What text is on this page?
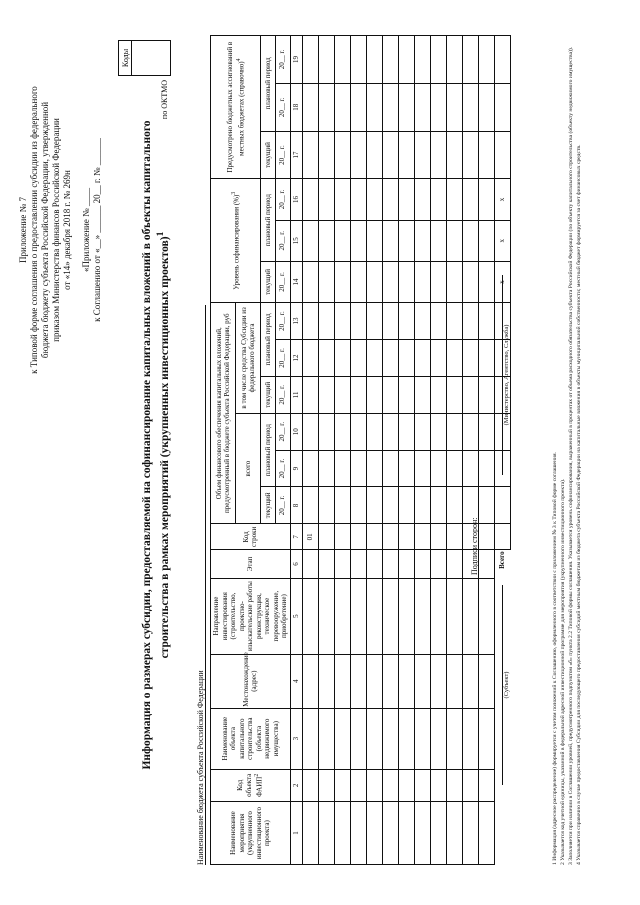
Приложение № 7 к Типовой форме соглашения о предоставлении субсидии из федерального бюджета бюджету субъекта Российской Федерации, утвержденной приказом Министерства финансов Российской Федерации от «14» декабря 2018 г. № 269н «Приложение № ____ к Соглашению от «__» ______ 20__ г. № ______
Коды

Информация о размерах субсидии, предоставляемой на софинансирование капитальных вложений в объекты капитального строительства в рамках мероприятий (укрупненных инвестиционных проектов)$^1$
по ОКТМО
Наименование бюджета субъекта Российской Федерации	Наименование мероприятия (укрупненного инвестиционного проекта)	Код объекта ФАИП$^2$	Наименование объекта капитального строительства (объекта недвижимого имущества)	Местонахождение (адрес)	Направление инвестирования (строительство, проектно-изыскательские работы реконструкция, техническое перевооружение, приобретение)	Этап	Код строки	Объем финансового обеспечения капитальных вложений, предусмотренный в бюджете субъекта Российской Федерации, руб						Уровень софинансирования (%)$^3$			Предусмотрено бюджетных ассигнований в местных бюджетах (справочно)$^4$
							всего			в том числе средства Субсидии из федерального бюджета								
							текущий	плановый период		текущий	плановый период		текущий	плановый период		текущий	плановый период	
							20__ г.	20__ г.	20__ г.	20__ г.	20__ г.	20__ г.	20__ г.	20__ г.	20__ г.	20__ г.	20__ г.	20__ г.
1	2	3	4	5	6	7	8	9	10	11	12	13	14	15	16	17	18	19
						01												

Всего													х	х	х			
Подписи сторон:
(Субъект)
(Министерство, Агентство, Служба)

1 Информация (адресное распределение) формируется с учетом положений к Соглашению, оформленного в соответствии с приложением № 3 к Типовой форме соглашения. 2 Указывается код учетной единицы, указанной в федеральной адресной инвестиционной программе для мероприятия (укрупненного инвестиционного проекта). 3 Заполняется при наличии в Соглашении уровней, предусмотренного подпунктом «б» пункта 2.2 Типовой формы соглашения. Указывается уровень софинансирования, выраженный в процентах от объема расходного обязательства субъекта Российской Федерации (по объекту капитального строительства (объекту недвижимого имущества)). 4 Указывается справочно в случае предоставления Субсидии для последующего предоставления субсидий местным бюджетам из бюджета субъекта Российской Федерации на капитальные вложения в объекты муниципальной собственности; местный бюджет формируется за счет финансовых средств.
